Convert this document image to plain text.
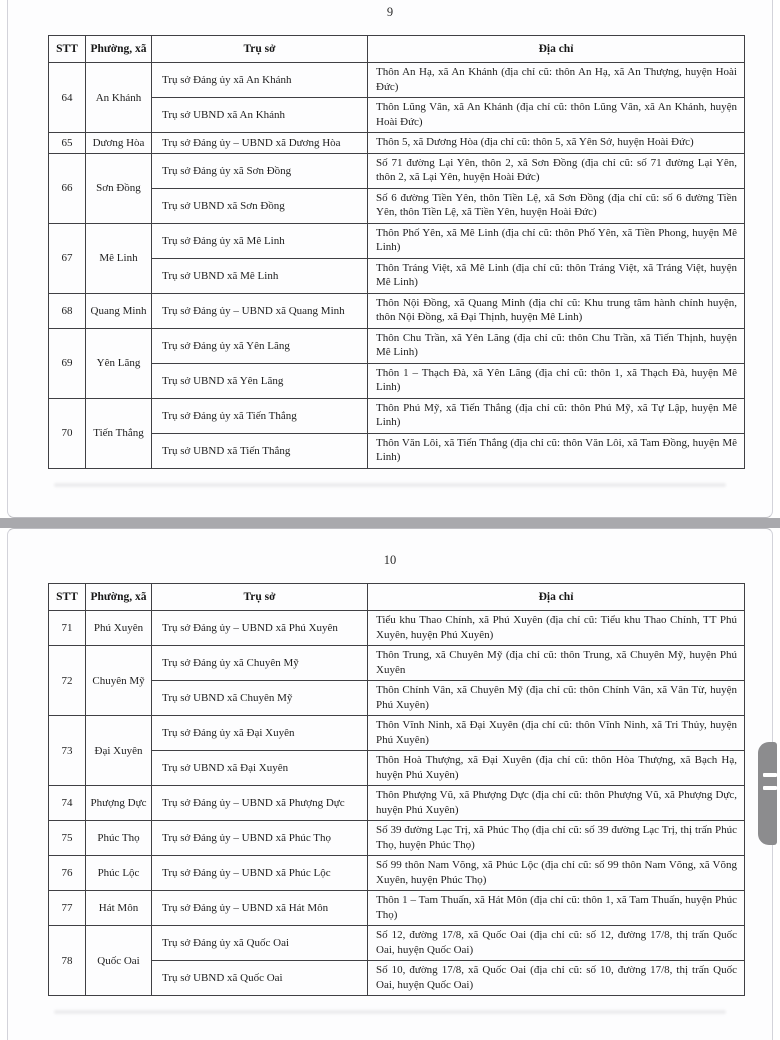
9
STT	Phường, xã	Trụ sở	Địa chỉ
64	An Khánh	Trụ sở Đảng ủy xã An Khánh	Thôn An Hạ, xã An Khánh (địa chỉ cũ: thôn An Hạ, xã An Thượng, huyện Hoài Đức)
		Trụ sở UBND xã An Khánh	Thôn Lũng Vân, xã An Khánh (địa chỉ cũ: thôn Lũng Vân, xã An Khánh, huyện Hoài Đức)
65	Dương Hòa	Trụ sở Đảng ủy – UBND xã Dương Hòa	Thôn 5, xã Dương Hòa (địa chỉ cũ: thôn 5, xã Yên Sở, huyện Hoài Đức)
66	Sơn Đồng	Trụ sở Đảng ủy xã Sơn Đồng	Số 71 đường Lại Yên, thôn 2, xã Sơn Đồng (địa chỉ cũ: số 71 đường Lại Yên, thôn 2, xã Lại Yên, huyện Hoài Đức)
		Trụ sở UBND xã Sơn Đồng	Số 6 đường Tiền Yên, thôn Tiền Lệ, xã Sơn Đồng (địa chỉ cũ: số 6 đường Tiền Yên, thôn Tiền Lệ, xã Tiền Yên, huyện Hoài Đức)
67	Mê Linh	Trụ sở Đảng ủy xã Mê Linh	Thôn Phố Yên, xã Mê Linh (địa chỉ cũ: thôn Phố Yên, xã Tiền Phong, huyện Mê Linh)
		Trụ sở UBND xã Mê Linh	Thôn Tráng Việt, xã Mê Linh (địa chỉ cũ: thôn Tráng Việt, xã Tráng Việt, huyện Mê Linh)
68	Quang Minh	Trụ sở Đảng ủy – UBND xã Quang Minh	Thôn Nội Đồng, xã Quang Minh (địa chỉ cũ: Khu trung tâm hành chính huyện, thôn Nội Đồng, xã Đại Thịnh, huyện Mê Linh)
69	Yên Lãng	Trụ sở Đảng ủy xã Yên Lãng	Thôn Chu Trần, xã Yên Lãng (địa chỉ cũ: thôn Chu Trần, xã Tiến Thịnh, huyện Mê Linh)
		Trụ sở UBND xã Yên Lãng	Thôn 1 – Thạch Đà, xã Yên Lãng (địa chỉ cũ: thôn 1, xã Thạch Đà, huyện Mê Linh)
70	Tiến Thắng	Trụ sở Đảng ủy xã Tiến Thắng	Thôn Phú Mỹ, xã Tiến Thắng (địa chỉ cũ: thôn Phú Mỹ, xã Tự Lập, huyện Mê Linh)
		Trụ sở UBND xã Tiến Thắng	Thôn Văn Lôi, xã Tiến Thắng (địa chỉ cũ: thôn Văn Lôi, xã Tam Đồng, huyện Mê Linh)
10
STT	Phường, xã	Trụ sở	Địa chỉ
71	Phú Xuyên	Trụ sở Đảng ủy – UBND xã Phú Xuyên	Tiểu khu Thao Chính, xã Phú Xuyên (địa chỉ cũ: Tiểu khu Thao Chính, TT Phú Xuyên, huyện Phú Xuyên)
72	Chuyên Mỹ	Trụ sở Đảng ủy xã Chuyên Mỹ	Thôn Trung, xã Chuyên Mỹ (địa chỉ cũ: thôn Trung, xã Chuyên Mỹ, huyện Phú Xuyên
		Trụ sở UBND xã Chuyên Mỹ	Thôn Chính Vân, xã Chuyên Mỹ (địa chỉ cũ: thôn Chính Vân, xã Vân Từ, huyện Phú Xuyên)
73	Đại Xuyên	Trụ sở Đảng ủy xã Đại Xuyên	Thôn Vĩnh Ninh, xã Đại Xuyên (địa chỉ cũ: thôn Vĩnh Ninh, xã Tri Thủy, huyện Phú Xuyên)
		Trụ sở UBND xã Đại Xuyên	Thôn Hoà Thượng, xã Đại Xuyên (địa chỉ cũ: thôn Hòa Thượng, xã Bạch Hạ, huyện Phú Xuyên)
74	Phượng Dực	Trụ sở Đảng ủy – UBND xã Phượng Dực	Thôn Phượng Vũ, xã Phượng Dực (địa chỉ cũ: thôn Phượng Vũ, xã Phượng Dực, huyện Phú Xuyên)
75	Phúc Thọ	Trụ sở Đảng ủy – UBND xã Phúc Thọ	Số 39 đường Lạc Trị, xã Phúc Thọ (địa chỉ cũ: số 39 đường Lạc Trị, thị trấn Phúc Thọ, huyện Phúc Thọ)
76	Phúc Lộc	Trụ sở Đảng ủy – UBND xã Phúc Lộc	Số 99 thôn Nam Võng, xã Phúc Lộc (địa chỉ cũ: số 99 thôn Nam Võng, xã Võng Xuyên, huyện Phúc Thọ)
77	Hát Môn	Trụ sở Đảng ủy – UBND xã Hát Môn	Thôn 1 – Tam Thuấn, xã Hát Môn (địa chỉ cũ: thôn 1, xã Tam Thuấn, huyện Phúc Thọ)
78	Quốc Oai	Trụ sở Đảng ủy xã Quốc Oai	Số 12, đường 17/8, xã Quốc Oai (địa chỉ cũ: số 12, đường 17/8, thị trấn Quốc Oai, huyện Quốc Oai)
		Trụ sở UBND xã Quốc Oai	Số 10, đường 17/8, xã Quốc Oai (địa chỉ cũ: số 10, đường 17/8, thị trấn Quốc Oai, huyện Quốc Oai)
